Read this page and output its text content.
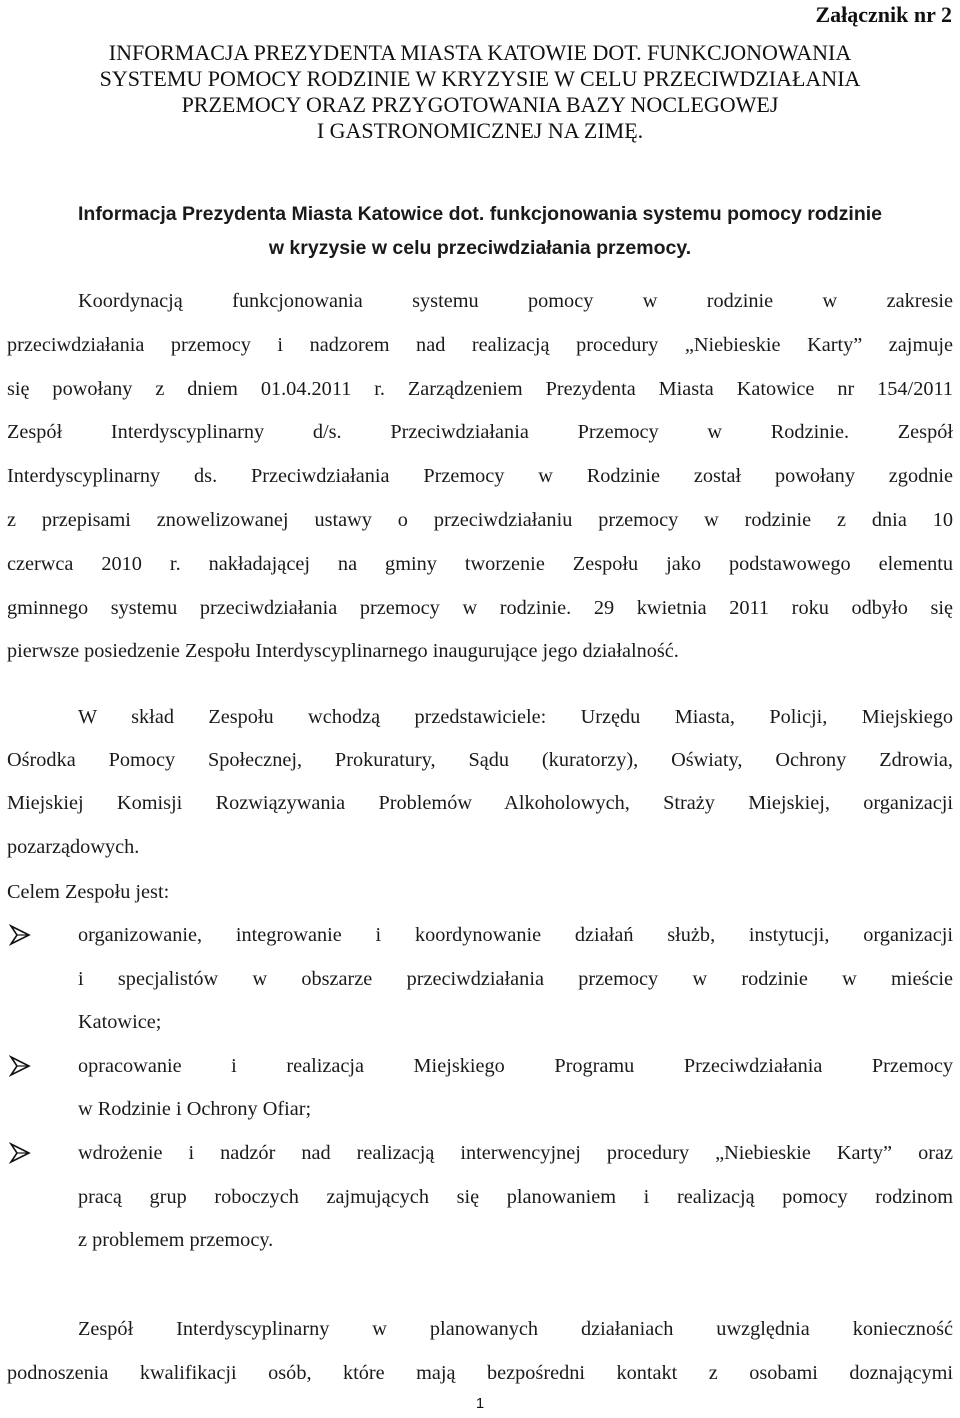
Załącznik nr 2
INFORMACJA PREZYDENTA MIASTA KATOWIE DOT. FUNKCJONOWANIA
SYSTEMU POMOCY RODZINIE W KRYZYSIE W CELU PRZECIWDZIAŁANIA
PRZEMOCY ORAZ PRZYGOTOWANIA BAZY NOCLEGOWEJ
I GASTRONOMICZNEJ NA ZIMĘ.
Informacja Prezydenta Miasta Katowice dot. funkcjonowania systemu pomocy rodzinie
w kryzysie w celu przeciwdziałania przemocy.
Koordynacją funkcjonowania systemu pomocy w rodzinie w zakresie
przeciwdziałania przemocy i nadzorem nad realizacją procedury „Niebieskie Karty” zajmuje
się powołany z dniem 01.04.2011 r. Zarządzeniem Prezydenta Miasta Katowice nr 154/2011
Zespół Interdyscyplinarny d/s. Przeciwdziałania Przemocy w Rodzinie. Zespół
Interdyscyplinarny ds. Przeciwdziałania Przemocy w Rodzinie został powołany zgodnie
z przepisami znowelizowanej ustawy o przeciwdziałaniu przemocy w rodzinie z dnia 10
czerwca 2010 r. nakładającej na gminy tworzenie Zespołu jako podstawowego elementu
gminnego systemu przeciwdziałania przemocy w rodzinie. 29 kwietnia 2011 roku odbyło się
pierwsze posiedzenie Zespołu Interdyscyplinarnego inaugurujące jego działalność.
W skład Zespołu wchodzą przedstawiciele: Urzędu Miasta, Policji, Miejskiego
Ośrodka Pomocy Społecznej, Prokuratury, Sądu (kuratorzy), Oświaty, Ochrony Zdrowia,
Miejskiej Komisji Rozwiązywania Problemów Alkoholowych, Straży Miejskiej, organizacji
pozarządowych.
Celem Zespołu jest:
organizowanie, integrowanie i koordynowanie działań służb, instytucji, organizacji
i specjalistów w obszarze przeciwdziałania przemocy w rodzinie w mieście
Katowice;
opracowanie i realizacja Miejskiego Programu Przeciwdziałania Przemocy
w Rodzinie i Ochrony Ofiar;
wdrożenie i nadzór nad realizacją interwencyjnej procedury „Niebieskie Karty” oraz
pracą grup roboczych zajmujących się planowaniem i realizacją pomocy rodzinom
z problemem przemocy.
Zespół Interdyscyplinarny w planowanych działaniach uwzględnia konieczność
podnoszenia kwalifikacji osób, które mają bezpośredni kontakt z osobami doznającymi
1
